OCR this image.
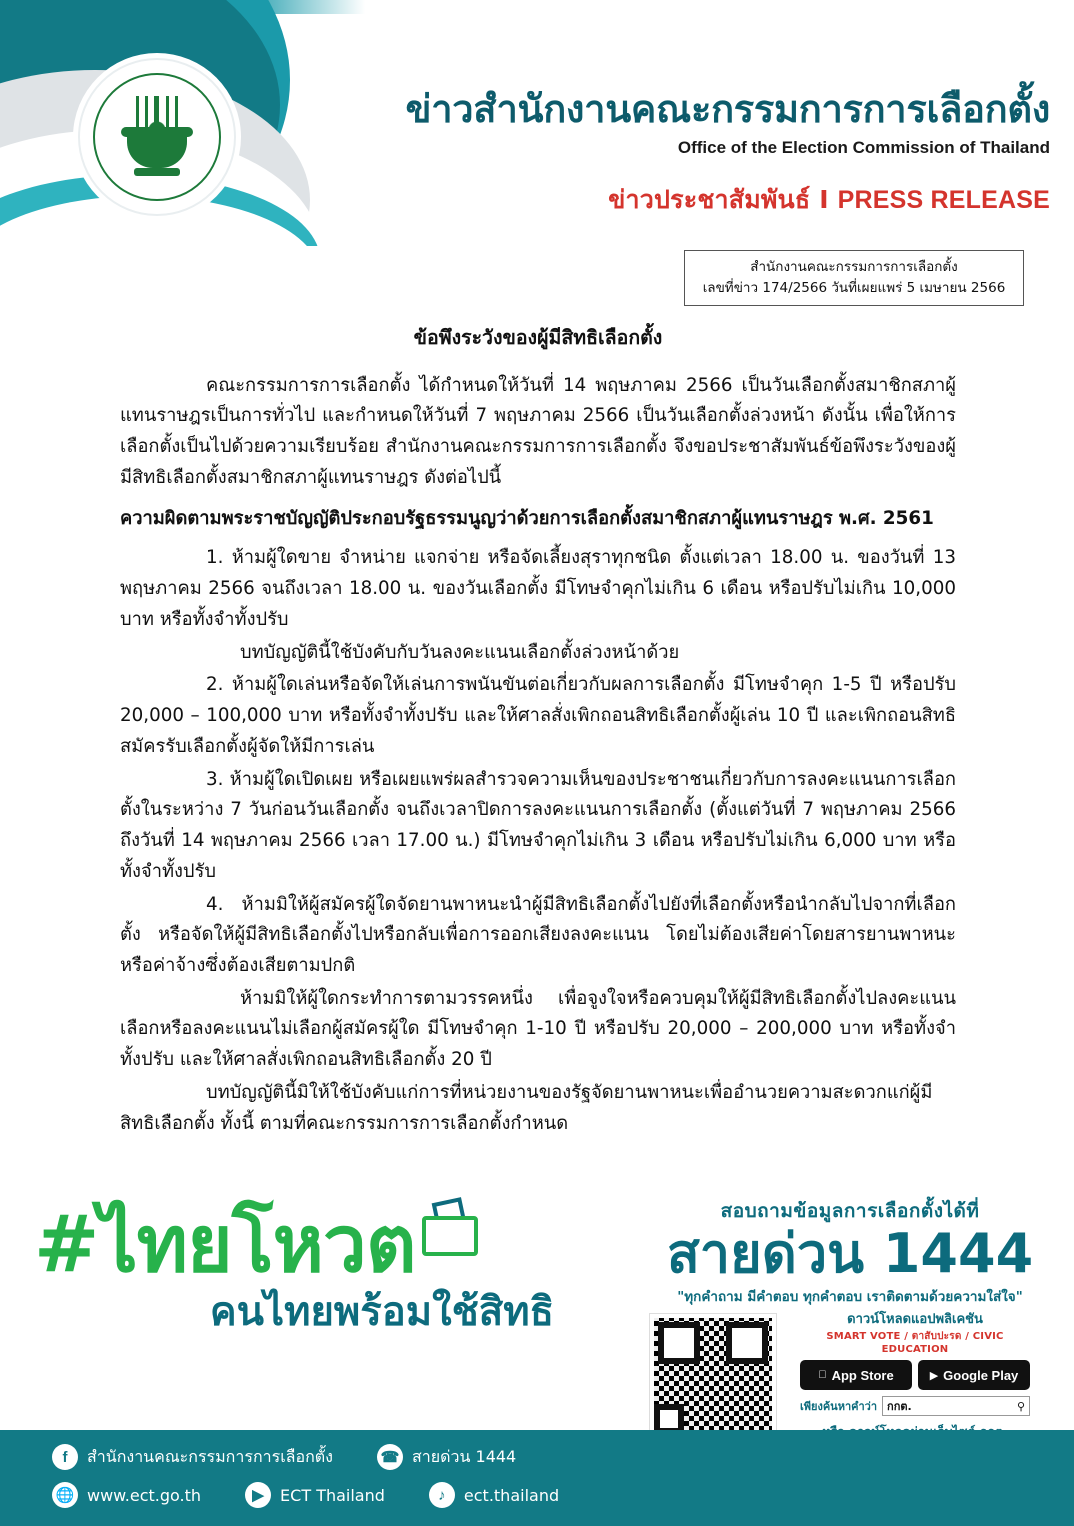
ข่าวสำนักงานคณะกรรมการการเลือกตั้ง
Office of the Election Commission of Thailand
ข่าวประชาสัมพันธ์ I PRESS RELEASE
สำนักงานคณะกรรมการการเลือกตั้ง
เลขที่ข่าว 174/2566 วันที่เผยแพร่ 5 เมษายน 2566
ข้อพึงระวังของผู้มีสิทธิเลือกตั้ง

คณะกรรมการการเลือกตั้ง ได้กำหนดให้วันที่ 14 พฤษภาคม 2566 เป็นวันเลือกตั้งสมาชิกสภาผู้แทนราษฎรเป็นการทั่วไป และกำหนดให้วันที่ 7 พฤษภาคม 2566 เป็นวันเลือกตั้งล่วงหน้า ดังนั้น เพื่อให้การเลือกตั้งเป็นไปด้วยความเรียบร้อย สำนักงานคณะกรรมการการเลือกตั้ง จึงขอประชาสัมพันธ์ข้อพึงระวังของผู้มีสิทธิเลือกตั้งสมาชิกสภาผู้แทนราษฎร ดังต่อไปนี้

ความผิดตามพระราชบัญญัติประกอบรัฐธรรมนูญว่าด้วยการเลือกตั้งสมาชิกสภาผู้แทนราษฎร พ.ศ. 2561

1. ห้ามผู้ใดขาย จำหน่าย แจกจ่าย หรือจัดเลี้ยงสุราทุกชนิด ตั้งแต่เวลา 18.00 น. ของวันที่ 13 พฤษภาคม 2566 จนถึงเวลา 18.00 น. ของวันเลือกตั้ง มีโทษจำคุกไม่เกิน 6 เดือน หรือปรับไม่เกิน 10,000 บาท หรือทั้งจำทั้งปรับ

บทบัญญัตินี้ใช้บังคับกับวันลงคะแนนเลือกตั้งล่วงหน้าด้วย

2. ห้ามผู้ใดเล่นหรือจัดให้เล่นการพนันขันต่อเกี่ยวกับผลการเลือกตั้ง มีโทษจำคุก 1-5 ปี หรือปรับ 20,000 – 100,000 บาท หรือทั้งจำทั้งปรับ และให้ศาลสั่งเพิกถอนสิทธิเลือกตั้งผู้เล่น 10 ปี และเพิกถอนสิทธิสมัครรับเลือกตั้งผู้จัดให้มีการเล่น

3. ห้ามผู้ใดเปิดเผย หรือเผยแพร่ผลสำรวจความเห็นของประชาชนเกี่ยวกับการลงคะแนนการเลือกตั้งในระหว่าง 7 วันก่อนวันเลือกตั้ง จนถึงเวลาปิดการลงคะแนนการเลือกตั้ง (ตั้งแต่วันที่ 7 พฤษภาคม 2566 ถึงวันที่ 14 พฤษภาคม 2566 เวลา 17.00 น.) มีโทษจำคุกไม่เกิน 3 เดือน หรือปรับไม่เกิน 6,000 บาท หรือทั้งจำทั้งปรับ

4. ห้ามมิให้ผู้สมัครผู้ใดจัดยานพาหนะนำผู้มีสิทธิเลือกตั้งไปยังที่เลือกตั้งหรือนำกลับไปจากที่เลือกตั้ง หรือจัดให้ผู้มีสิทธิเลือกตั้งไปหรือกลับเพื่อการออกเสียงลงคะแนน โดยไม่ต้องเสียค่าโดยสารยานพาหนะหรือค่าจ้างซึ่งต้องเสียตามปกติ

ห้ามมิให้ผู้ใดกระทำการตามวรรคหนึ่ง เพื่อจูงใจหรือควบคุมให้ผู้มีสิทธิเลือกตั้งไปลงคะแนนเลือกหรือลงคะแนนไม่เลือกผู้สมัครผู้ใด มีโทษจำคุก 1-10 ปี หรือปรับ 20,000 – 200,000 บาท หรือทั้งจำทั้งปรับ และให้ศาลสั่งเพิกถอนสิทธิเลือกตั้ง 20 ปี

บทบัญญัตินี้มิให้ใช้บังคับแก่การที่หน่วยงานของรัฐจัดยานพาหนะเพื่ออำนวยความสะดวกแก่ผู้มีสิทธิเลือกตั้ง ทั้งนี้ ตามที่คณะกรรมการการเลือกตั้งกำหนด

#ไทยโหวต
คนไทยพร้อมใช้สิทธิ
สอบถามข้อมูลการเลือกตั้งได้ที่
สายด่วน 1444
"ทุกคำถาม มีคำตอบ ทุกคำตอบ เราติดตามด้วยความใส่ใจ"
ดาวน์โหลดแอปพลิเคชัน
SMART VOTE / ตาสับปะรด / CIVIC EDUCATION
App Store	▶ Google Play
เพียงค้นหาคำว่า กกต.	⚲
f	สำนักงานคณะกรรมการการเลือกตั้ง	☎ สายด่วน 1444
🌐 www.ect.go.th	▶	ECT Thailand	♪	ect.thailand
